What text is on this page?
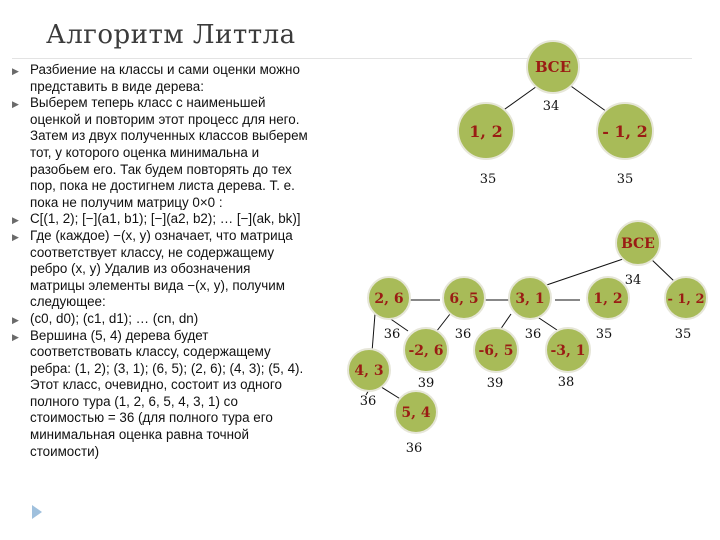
Алгоритм Литтла
▶ Разбиение на классы и сами оценки можно
представить в виде дерева:
▶ Выберем теперь класс с наименьшей
оценкой и повторим этот процесс для него.
Затем из двух полученных классов выберем
тот, у которого оценка минимальна и
разобьем его. Так будем повторять до тех
пор, пока не достигнем листа дерева. Т. е.
пока не получим матрицу 0×0 :
▶ C[(1, 2); [−](a1, b1); [−](a2, b2); … [−](ak, bk)]
▶ Где (каждое) −(x, y) означает, что матрица
соответствует классу, не содержащему
ребро (x, y) Удалив из обозначения
матрицы элементы вида −(x, y), получим
следующее:
▶ (c0, d0); (c1, d1); … (cn, dn)
▶ Вершина (5, 4) дерева будет
соответствовать классу, содержащему
ребра: (1, 2); (3, 1); (6, 5); (2, 6); (4, 3); (5, 4).
Этот класс, очевидно, состоит из одного
полного тура (1, 2, 6, 5, 4, 3, 1) со
стоимостью = 36 (для полного тура его
минимальная оценка равна точной
стоимости)
ВСЕ
34
1, 2
35
- 1, 2
35
ВСЕ
34
2, 6
36
6, 5
36
3, 1
36
1, 2
35
- 1, 2
35
-2, 6
39
-6, 5
39
-3, 1
38
4, 3
36
5, 4
36
